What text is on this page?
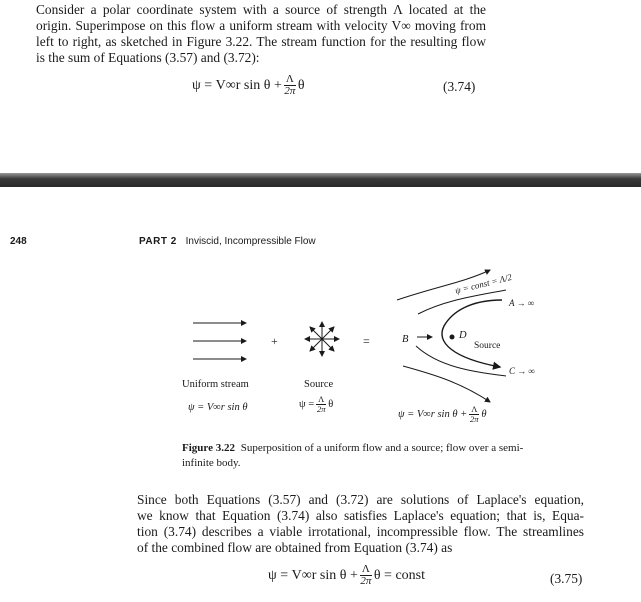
Consider a polar coordinate system with a source of strength Λ located at the
origin. Superimpose on this flow a uniform stream with velocity V∞ moving from
left to right, as sketched in Figure 3.22. The stream function for the resulting flow
is the sum of Equations (3.57) and (3.72):
ψ = V∞r $\sin \theta + \frac{\Lambda}{2\pi}$ θ	(3.74)
248	PART 2 Inviscid, Incompressible Flow
+	=
Uniform stream
ψ = V∞r sin θ
Source
$\psi = \frac{\Lambda}{2\pi}$ θ
ψ = const = Λ/2
A → ∞
B	D
Source
C → ∞
ψ = V∞r $\sin \theta + \frac{\Lambda}{2\pi}$ θ
Figure 3.22 Superposition of a uniform flow and a source; flow over a semi-infinite body.
Since both Equations (3.57) and (3.72) are solutions of Laplace's equation,
we know that Equation (3.74) also satisfies Laplace's equation; that is, Equa-
tion (3.74) describes a viable irrotational, incompressible flow. The streamlines
of the combined flow are obtained from Equation (3.74) as
ψ = V∞r $\sin \theta + \frac{\Lambda}{2\pi}$ θ = const	(3.75)
